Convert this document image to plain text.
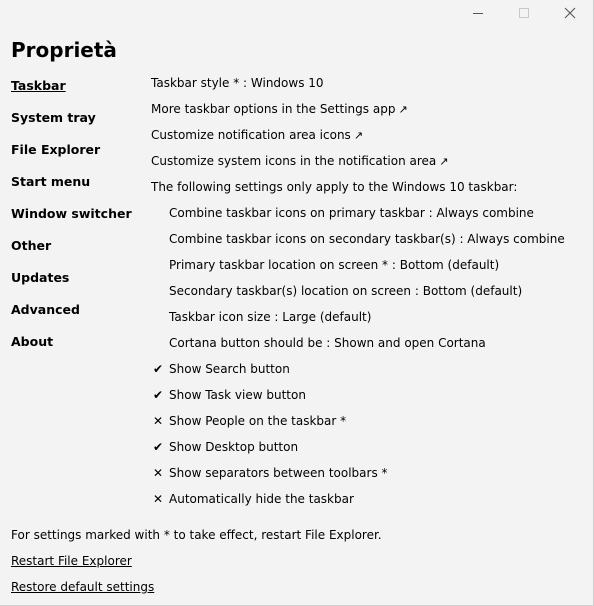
Proprietà
Taskbar
System tray
File Explorer
Start menu
Window switcher
Other
Updates
Advanced
About
Taskbar style * : Windows 10
More taskbar options in the Settings app ↗
Customize notification area icons ↗
Customize system icons in the notification area ↗
The following settings only apply to the Windows 10 taskbar:
Combine taskbar icons on primary taskbar : Always combine
Combine taskbar icons on secondary taskbar(s) : Always combine
Primary taskbar location on screen * : Bottom (default)
Secondary taskbar(s) location on screen : Bottom (default)
Taskbar icon size : Large (default)
Cortana button should be : Shown and open Cortana
✔ Show Search button
✔ Show Task view button
✕ Show People on the taskbar *
✔ Show Desktop button
✕ Show separators between toolbars *
✕ Automatically hide the taskbar
For settings marked with * to take effect, restart File Explorer.
Restart File Explorer
Restore default settings
